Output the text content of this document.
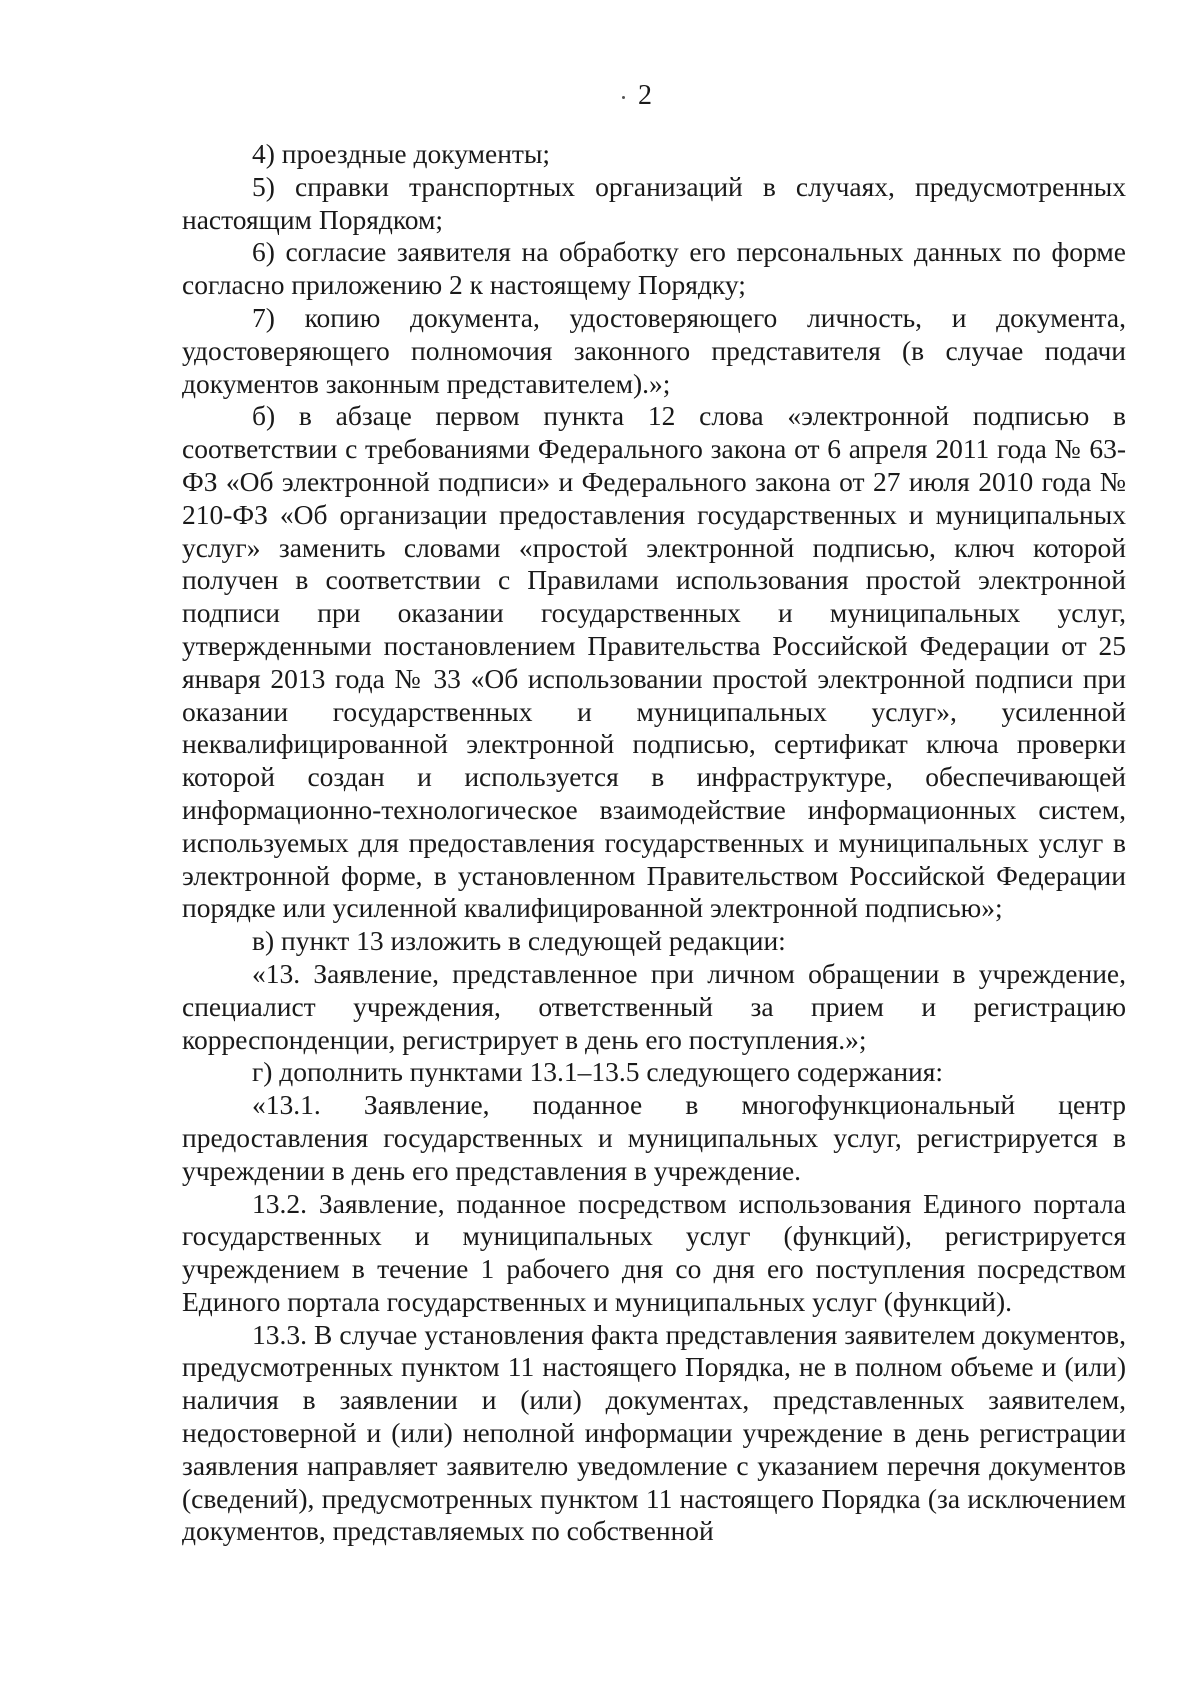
2

4) проездные документы;

5) справки транспортных организаций в случаях, предусмотренных настоящим Порядком;

6) согласие заявителя на обработку его персональных данных по форме согласно приложению 2 к настоящему Порядку;

7) копию документа, удостоверяющего личность, и документа, удостоверяющего полномочия законного представителя (в случае подачи документов законным представителем).»;

б) в абзаце первом пункта 12 слова «электронной подписью в соответствии с требованиями Федерального закона от 6 апреля 2011 года № 63-ФЗ «Об электронной подписи» и Федерального закона от 27 июля 2010 года № 210-ФЗ «Об организации предоставления государственных и муниципальных услуг» заменить словами «простой электронной подписью, ключ которой получен в соответствии с Правилами использования простой электронной подписи при оказании государственных и муниципальных услуг, утвержденными постановлением Правительства Российской Федерации от 25 января 2013 года № 33 «Об использовании простой электронной подписи при оказании государственных и муниципальных услуг», усиленной неквалифицированной электронной подписью, сертификат ключа проверки которой создан и используется в инфраструктуре, обеспечивающей информационно-технологическое взаимодействие информационных систем, используемых для предоставления государственных и муниципальных услуг в электронной форме, в установленном Правительством Российской Федерации порядке или усиленной квалифицированной электронной подписью»;

в) пункт 13 изложить в следующей редакции:

«13. Заявление, представленное при личном обращении в учреждение, специалист учреждения, ответственный за прием и регистрацию корреспонденции, регистрирует в день его поступления.»;

г) дополнить пунктами 13.1–13.5 следующего содержания:

«13.1. Заявление, поданное в многофункциональный центр предоставления государственных и муниципальных услуг, регистрируется в учреждении в день его представления в учреждение.

13.2. Заявление, поданное посредством использования Единого портала государственных и муниципальных услуг (функций), регистрируется учреждением в течение 1 рабочего дня со дня его поступления посредством Единого портала государственных и муниципальных услуг (функций).

13.3. В случае установления факта представления заявителем документов, предусмотренных пунктом 11 настоящего Порядка, не в полном объеме и (или) наличия в заявлении и (или) документах, представленных заявителем, недостоверной и (или) неполной информации учреждение в день регистрации заявления направляет заявителю уведомление с указанием перечня документов (сведений), предусмотренных пунктом 11 настоящего Порядка (за исключением документов, представляемых по собственной
